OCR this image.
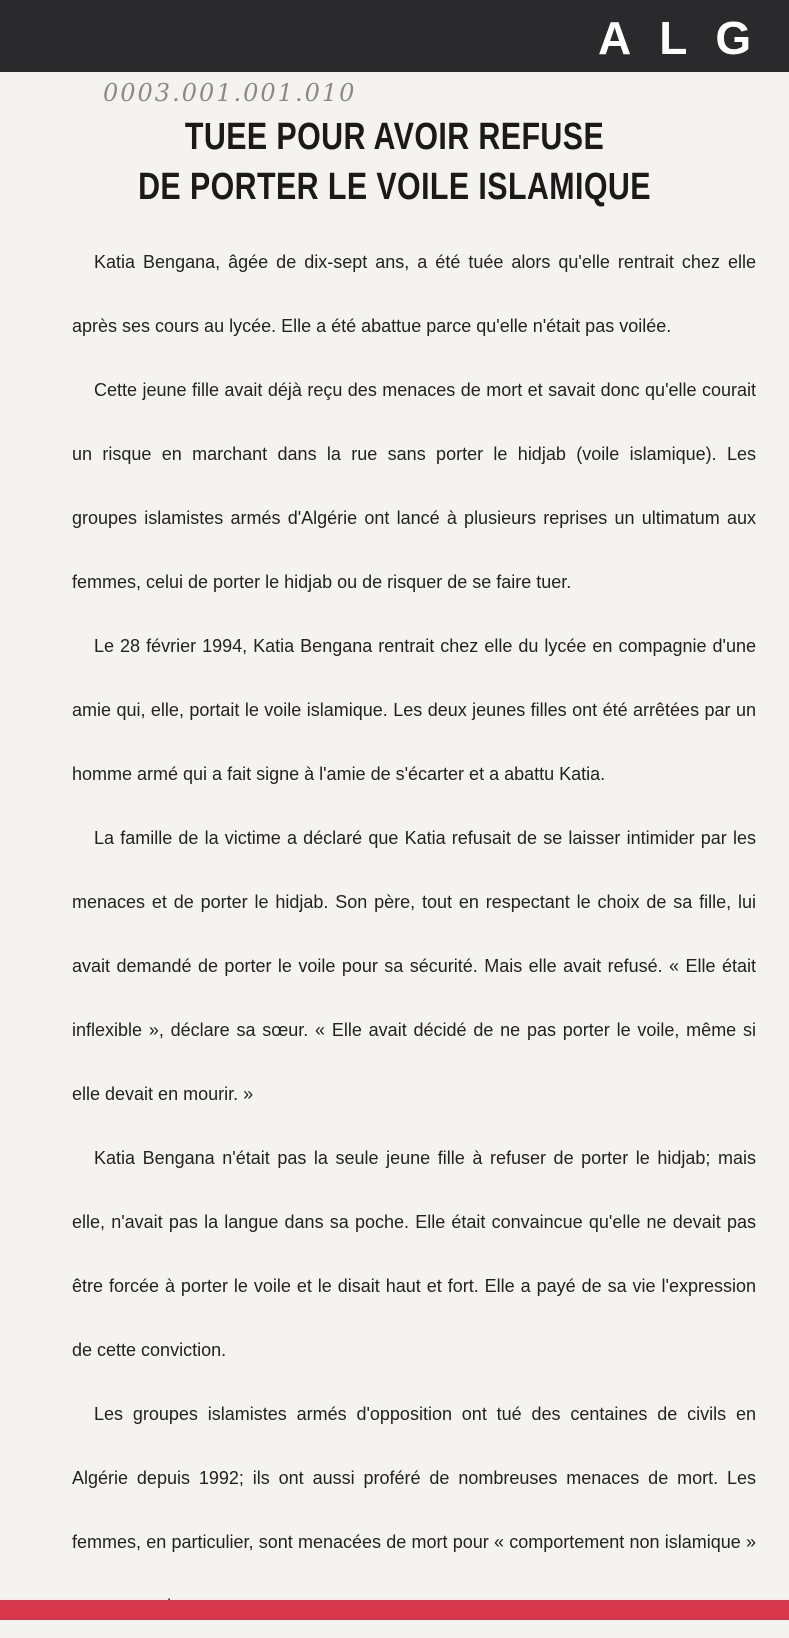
ALG
0003.001.001.010
TUEE POUR AVOIR REFUSE
DE PORTER LE VOILE ISLAMIQUE

Katia Bengana, âgée de dix-sept ans, a été tuée alors qu'elle rentrait chez elle après ses cours au lycée. Elle a été abattue parce qu'elle n'était pas voilée.

Cette jeune fille avait déjà reçu des menaces de mort et savait donc qu'elle courait un risque en marchant dans la rue sans porter le hidjab (voile islamique). Les groupes islamistes armés d'Algérie ont lancé à plusieurs reprises un ultimatum aux femmes, celui de porter le hidjab ou de risquer de se faire tuer.

Le 28 février 1994, Katia Bengana rentrait chez elle du lycée en compagnie d'une amie qui, elle, portait le voile islamique. Les deux jeunes filles ont été arrêtées par un homme armé qui a fait signe à l'amie de s'écarter et a abattu Katia.

La famille de la victime a déclaré que Katia refusait de se laisser intimider par les menaces et de porter le hidjab. Son père, tout en respectant le choix de sa fille, lui avait demandé de porter le voile pour sa sécurité. Mais elle avait refusé. « Elle était inflexible », déclare sa sœur. « Elle avait décidé de ne pas porter le voile, même si elle devait en mourir. »

Katia Bengana n'était pas la seule jeune fille à refuser de porter le hidjab; mais elle, n'avait pas la langue dans sa poche. Elle était convaincue qu'elle ne devait pas être forcée à porter le voile et le disait haut et fort. Elle a payé de sa vie l'expression de cette conviction.

Les groupes islamistes armés d'opposition ont tué des centaines de civils en Algérie depuis 1992; ils ont aussi proféré de nombreuses menaces de mort. Les femmes, en particulier, sont menacées de mort pour « comportement non islamique »
